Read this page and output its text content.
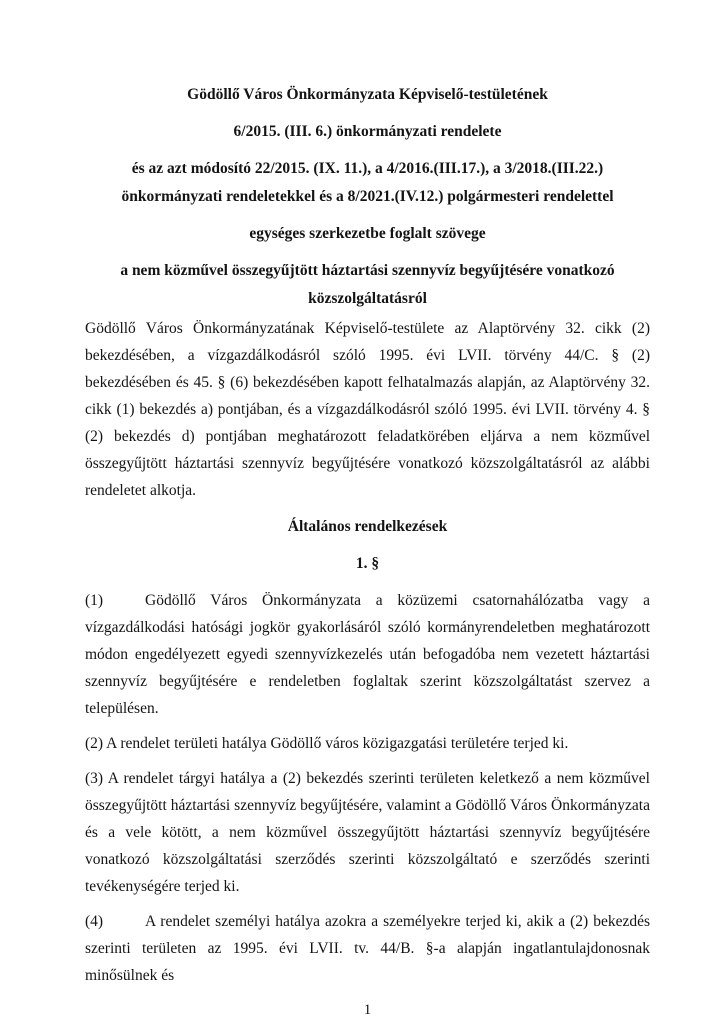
Gödöllő Város Önkormányzata Képviselő-testületének

6/2015. (III. 6.) önkormányzati rendelete

és az azt módosító 22/2015. (IX. 11.), a 4/2016.(III.17.), a 3/2018.(III.22.) önkormányzati rendeletekkel és a 8/2021.(IV.12.) polgármesteri rendelettel

egységes szerkezetbe foglalt szövege

a nem közművel összegyűjtött háztartási szennyvíz begyűjtésére vonatkozó közszolgáltatásról

Gödöllő Város Önkormányzatának Képviselő-testülete az Alaptörvény 32. cikk (2) bekezdésében, a vízgazdálkodásról szóló 1995. évi LVII. törvény 44/C. § (2) bekezdésében és 45. § (6) bekezdésében kapott felhatalmazás alapján, az Alaptörvény 32. cikk (1) bekezdés a) pontjában, és a vízgazdálkodásról szóló 1995. évi LVII. törvény 4. § (2) bekezdés d) pontjában meghatározott feladatkörében eljárva a nem közművel összegyűjtött háztartási szennyvíz begyűjtésére vonatkozó közszolgáltatásról az alábbi rendeletet alkotja.

Általános rendelkezések

1. §

(1)	Gödöllő Város Önkormányzata a közüzemi csatornahálózatba vagy a vízgazdálkodási hatósági jogkör gyakorlásáról szóló kormányrendeletben meghatározott módon engedélyezett egyedi szennyvízkezelés után befogadóba nem vezetett háztartási szennyvíz begyűjtésére e rendeletben foglaltak szerint közszolgáltatást szervez a településen.

(2) A rendelet területi hatálya Gödöllő város közigazgatási területére terjed ki.

(3) A rendelet tárgyi hatálya a (2) bekezdés szerinti területen keletkező a nem közművel összegyűjtött háztartási szennyvíz begyűjtésére, valamint a Gödöllő Város Önkormányzata és a vele kötött, a nem közművel összegyűjtött háztartási szennyvíz begyűjtésére vonatkozó közszolgáltatási szerződés szerinti közszolgáltató e szerződés szerinti tevékenységére terjed ki.

(4)	A rendelet személyi hatálya azokra a személyekre terjed ki, akik a (2) bekezdés szerinti területen az 1995. évi LVII. tv. 44/B. §-a alapján ingatlantulajdonosnak minősülnek és

1
